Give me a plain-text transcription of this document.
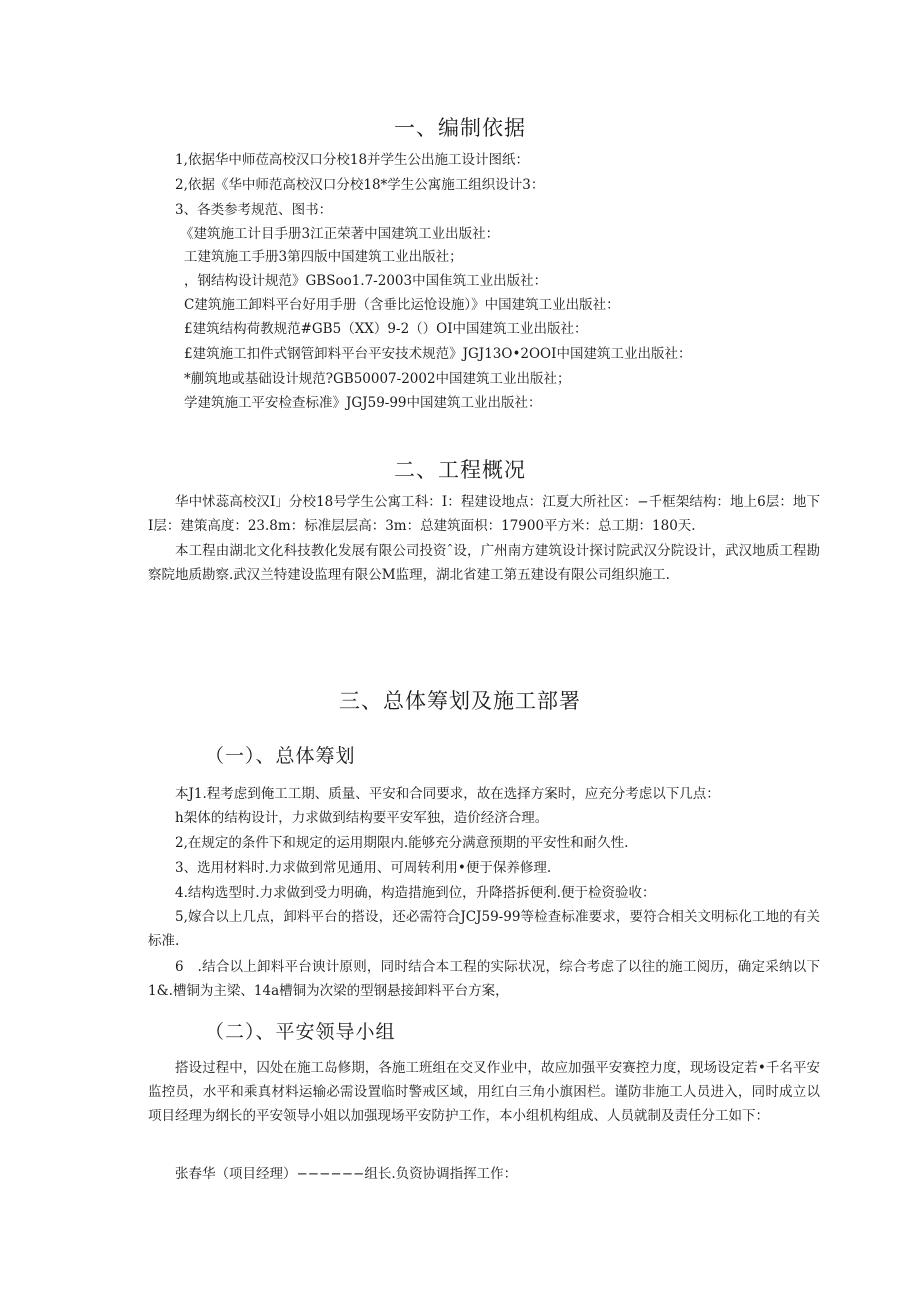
一、编制依据

1,依据华中师莅高校汉口分校18并学生公出施工设计图纸：

2,依据《华中师范高校汉口分校18*学生公寓施工组织设计3：

3、各类参考规范、图书：

《建筑施工计目手册3江正荣著中国建筑工业出版社：

工建筑施工手册3第四版中国建筑工业出版社；

，钢结构设计规范》GBSoo1.7-2003中国隹筑工业出版社：

C建筑施工卸料平台好用手册（含垂比运怆设施）》中国建筑工业出版社：

£建筑结构荷教规范#GB5（XX）9-2（）OI中国建筑工业出版社：

£建筑施工扣件式钢管卸料平台平安技术规范》JGJ13O•2OOI中国建筑工业出版社：

*蒯筑地或基础设计规范?GB50007-2002中国建筑工业出版社；

学建筑施工平安检查标准》JGJ59-99中国建筑工业出版社：

二、工程概况

华中怵蕊高校汉I」分校18号学生公寓工科：I：程建设地点：江夏大所社区：−千框架结构：地上6层：地下I层：建策高度：23.8m：标准层层高：3m：总建筑面枳：17900平方米：总工期：180天.

本工程由湖北文化科技教化发展有限公司投资ˆ设，广州南方建筑设计探讨院武汉分院设计，武汉地质工程勘察院地质勘察.武汉兰特建设监理有限公M监理，湖北省建工第五建设有限公司组织施工.

三、总体筹划及施工部署
（一）、总体筹划

本J1.程考虑到俺工工期、质量、平安和合同要求，故在选择方案时，应充分考虑以下几点：

h架体的结构设计，力求做到结构要平安军独，造价经济合理。

2,在规定的条件下和规定的运用期限内.能够充分满意预期的平安性和耐久性.

3、选用材料时.力求做到常见通用、可周转利用•便于保养修理.

4.结构选型时.力求做到受力明确，构造措施到位，升降搭拆便利.便于检资验收：

5,嫁合以上几点，卸料平台的搭设，还必需符合JCJ59-99等检查标准要求，要符合相关文明标化工地的有关标准.

6　.结合以上卸料平台谀计原则，同时结合本工程的实际状况，综合考虑了以往的施工阅历，确定采纳以下1&.槽铜为主梁、14a槽铜为次梁的型钢悬接卸料平台方案，

（二）、平安领导小组

搭设过程中，囚处在施工岛修期，各施工班组在交叉作业中，故应加强平安赛控力度，现场设定若•千名平安监控员，水平和乘真材料运输必需设置临时警戒区域，用红白三角小旗困栏。谨防非施工人员进入，同时成立以项目经理为纲长的平安领导小姐以加强现场平安防护工作，本小组机构组成、人员就制及责任分工如下：

张春华（项目经理）−−−−−−组长.负资协调指挥工作：
